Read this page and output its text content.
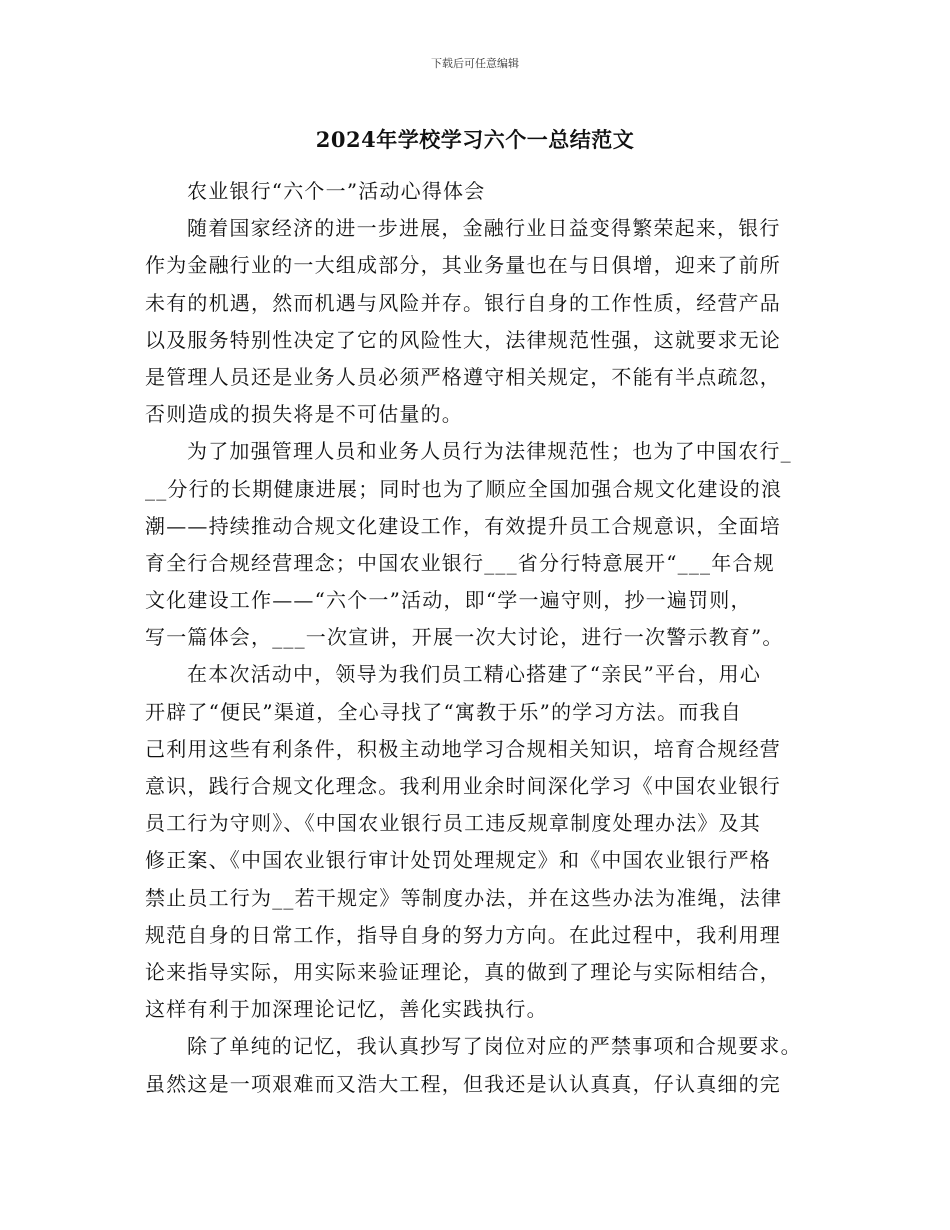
下载后可任意编辑
2024年学校学习六个一总结范文
农业银行“六个一”活动心得体会
随着国家经济的进一步进展，金融行业日益变得繁荣起来，银行
作为金融行业的一大组成部分，其业务量也在与日俱增，迎来了前所
未有的机遇，然而机遇与风险并存。银行自身的工作性质，经营产品
以及服务特别性决定了它的风险性大，法律规范性强，这就要求无论
是管理人员还是业务人员必须严格遵守相关规定，不能有半点疏忽，
否则造成的损失将是不可估量的。
为了加强管理人员和业务人员行为法律规范性；也为了中国农行_
__分行的长期健康进展；同时也为了顺应全国加强合规文化建设的浪
潮——持续推动合规文化建设工作，有效提升员工合规意识，全面培
育全行合规经营理念；中国农业银行___省分行特意展开“___年合规
文化建设工作——“六个一”活动，即“学一遍守则，抄一遍罚则，
写一篇体会，___一次宣讲，开展一次大讨论，进行一次警示教育”。
在本次活动中，领导为我们员工精心搭建了“亲民”平台，用心
开辟了“便民”渠道，全心寻找了“寓教于乐”的学习方法。而我自
己利用这些有利条件，积极主动地学习合规相关知识，培育合规经营
意识，践行合规文化理念。我利用业余时间深化学习《中国农业银行
员工行为守则》、《中国农业银行员工违反规章制度处理办法》及其
修正案、《中国农业银行审计处罚处理规定》和《中国农业银行严格
禁止员工行为__若干规定》等制度办法，并在这些办法为准绳，法律
规范自身的日常工作，指导自身的努力方向。在此过程中，我利用理
论来指导实际，用实际来验证理论，真的做到了理论与实际相结合，
这样有利于加深理论记忆，善化实践执行。
除了单纯的记忆，我认真抄写了岗位对应的严禁事项和合规要求。
虽然这是一项艰难而又浩大工程，但我还是认认真真，仔认真细的完
